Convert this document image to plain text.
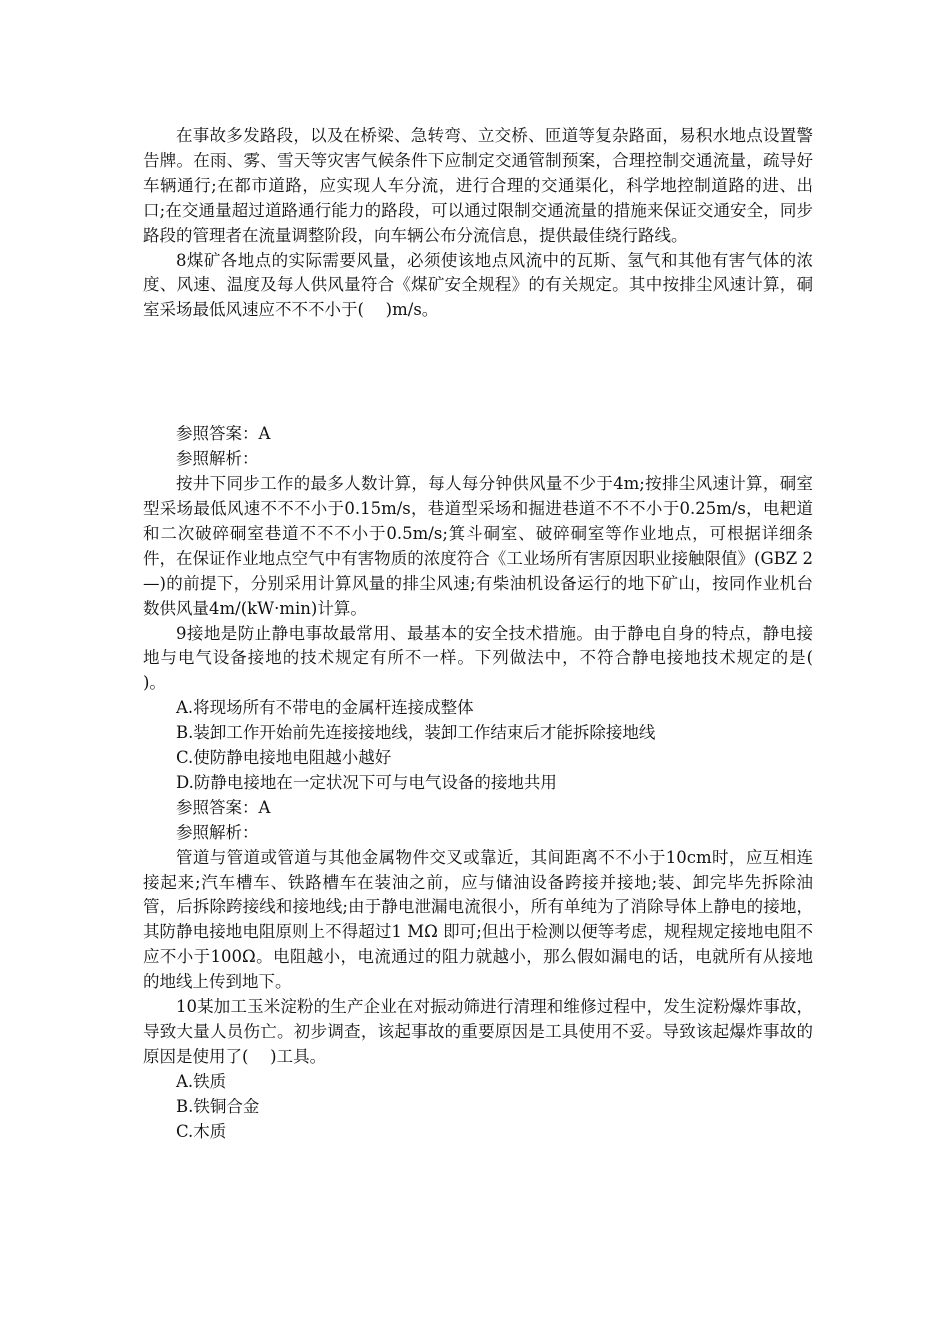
在事故多发路段，以及在桥梁、急转弯、立交桥、匝道等复杂路面，易积水地点设置警告牌。在雨、雾、雪天等灾害气候条件下应制定交通管制预案，合理控制交通流量，疏导好车辆通行;在都市道路，应实现人车分流，进行合理的交通渠化，科学地控制道路的进、出口;在交通量超过道路通行能力的路段，可以通过限制交通流量的措施来保证交通安全，同步路段的管理者在流量调整阶段，向车辆公布分流信息，提供最佳绕行路线。

8煤矿各地点的实际需要风量，必须使该地点风流中的瓦斯、氢气和其他有害气体的浓度、风速、温度及每人供风量符合《煤矿安全规程》的有关规定。其中按排尘风速计算，硐室采场最低风速应不不不小于(　 )m/s。

参照答案：A

参照解析：

按井下同步工作的最多人数计算，每人每分钟供风量不少于4m;按排尘风速计算，硐室型采场最低风速不不不小于0.15m/s，巷道型采场和掘进巷道不不不小于0.25m/s，电耙道和二次破碎硐室巷道不不不小于0.5m/s;箕斗硐室、破碎硐室等作业地点，可根据详细条件，在保证作业地点空气中有害物质的浓度符合《工业场所有害原因职业接触限值》(GBZ 2—)的前提下，分别采用计算风量的排尘风速;有柴油机设备运行的地下矿山，按同作业机台数供风量4m/(kW·min)计算。

9接地是防止静电事故最常用、最基本的安全技术措施。由于静电自身的特点，静电接地与电气设备接地的技术规定有所不一样。下列做法中，不符合静电接地技术规定的是(　 )。

A.将现场所有不带电的金属杆连接成整体

B.装卸工作开始前先连接接地线，装卸工作结束后才能拆除接地线

C.使防静电接地电阻越小越好

D.防静电接地在一定状况下可与电气设备的接地共用

参照答案：A

参照解析：

管道与管道或管道与其他金属物件交叉或靠近，其间距离不不小于10cm时，应互相连接起来;汽车槽车、铁路槽车在装油之前，应与储油设备跨接并接地;装、卸完毕先拆除油管，后拆除跨接线和接地线;由于静电泄漏电流很小，所有单纯为了消除导体上静电的接地，其防静电接地电阻原则上不得超过1 MΩ 即可;但出于检测以便等考虑，规程规定接地电阻不应不小于100Ω。电阻越小，电流通过的阻力就越小，那么假如漏电的话，电就所有从接地的地线上传到地下。

10某加工玉米淀粉的生产企业在对振动筛进行清理和维修过程中，发生淀粉爆炸事故，导致大量人员伤亡。初步调查，该起事故的重要原因是工具使用不妥。导致该起爆炸事故的原因是使用了(　 )工具。

A.铁质

B.铁铜合金

C.木质
